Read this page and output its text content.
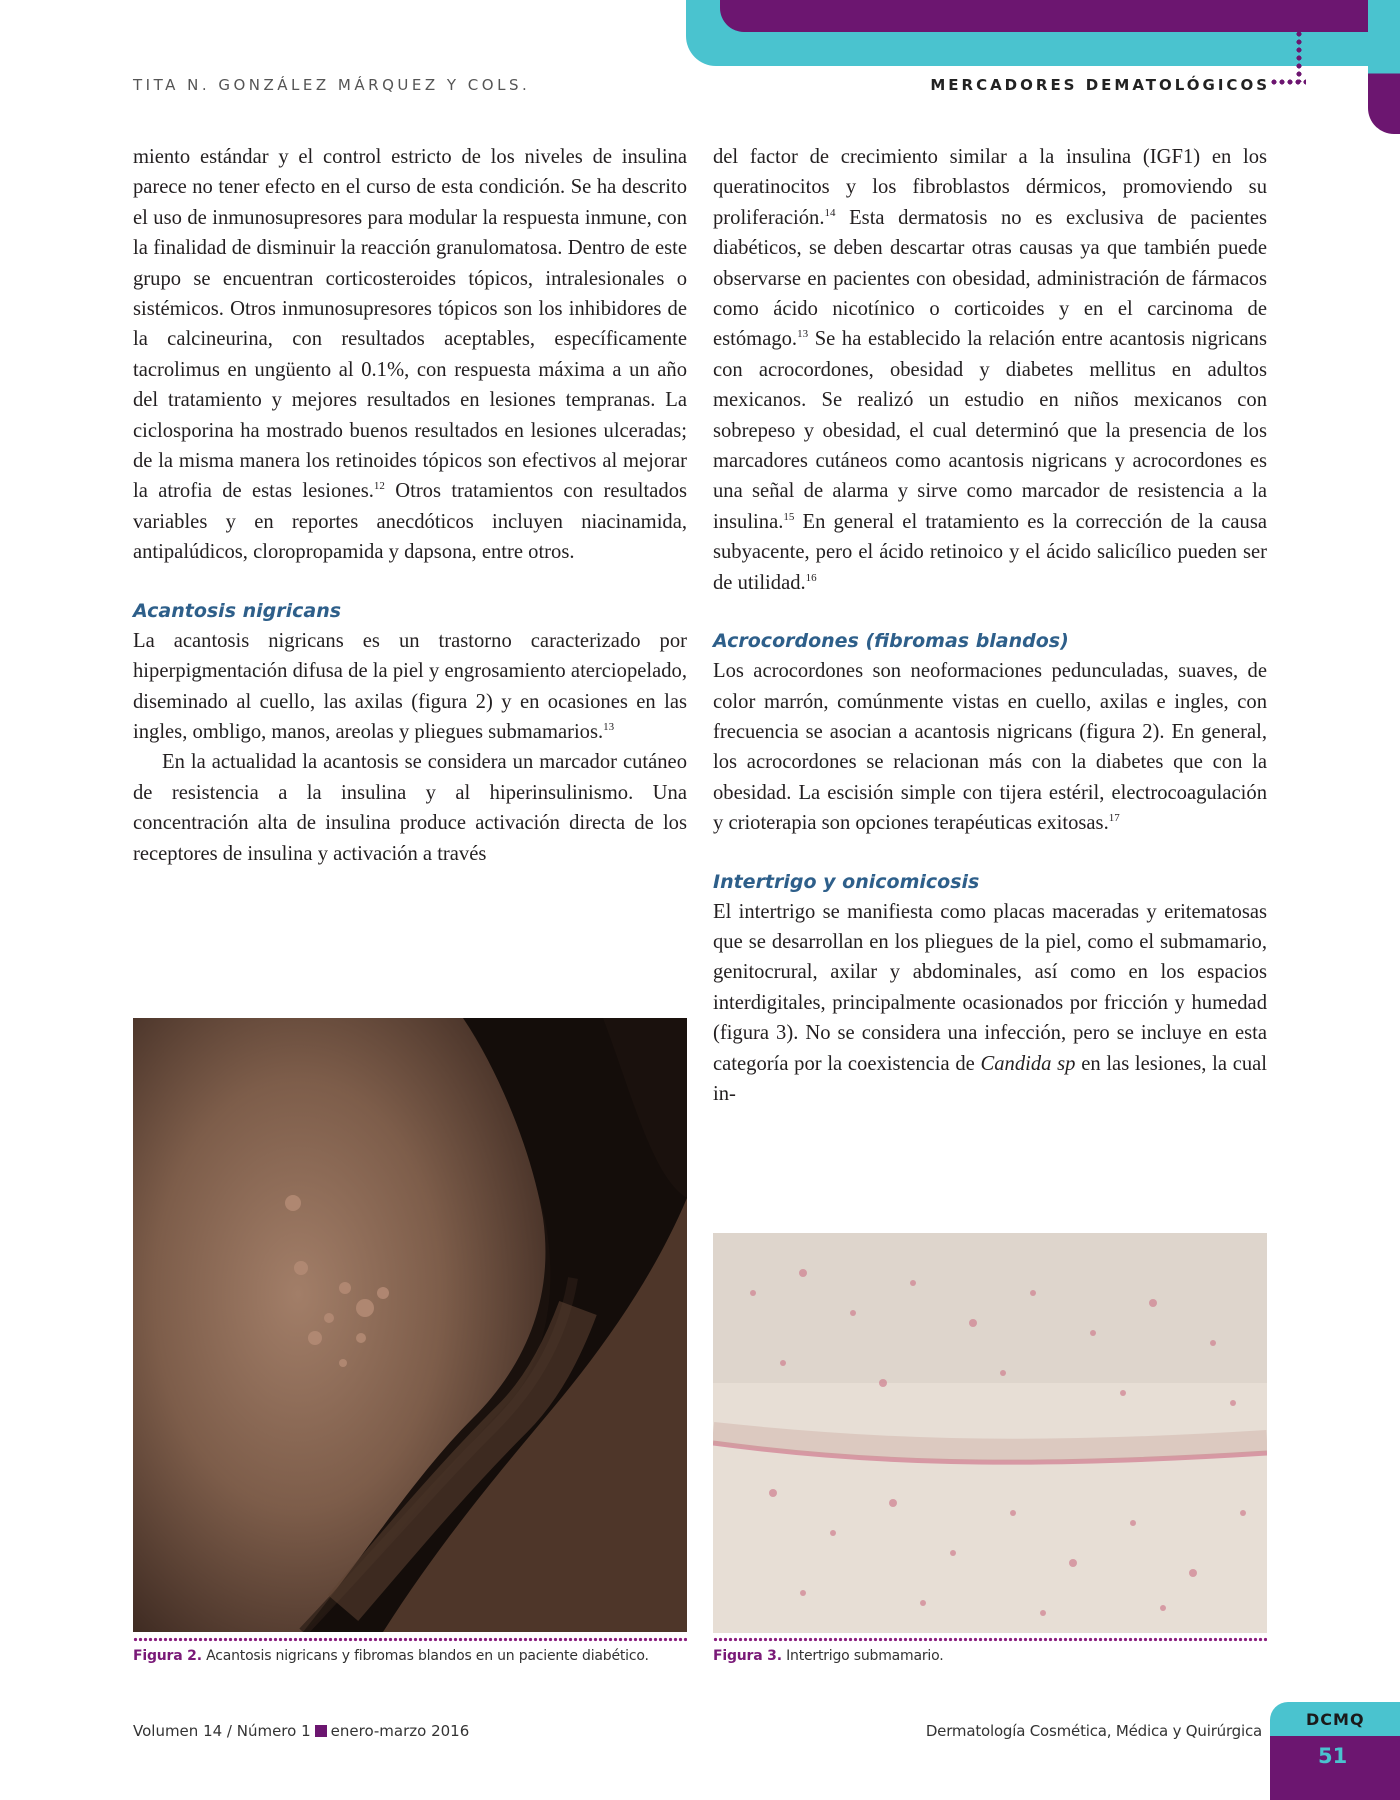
TITA N. GONZÁLEZ MÁRQUEZ Y COLS.	MERCADORES DEMATOLÓGICOS

miento estándar y el control estricto de los niveles de insulina parece no tener efecto en el curso de esta condición. Se ha descrito el uso de inmunosupresores para modular la respuesta inmune, con la finalidad de disminuir la reacción granulomatosa. Dentro de este grupo se encuentran corticosteroides tópicos, intralesionales o sistémicos. Otros inmunosupresores tópicos son los inhibidores de la calcineurina, con resultados aceptables, específicamente tacrolimus en ungüento al 0.1%, con respuesta máxima a un año del tratamiento y mejores resultados en lesiones tempranas. La ciclosporina ha mostrado buenos resultados en lesiones ulceradas; de la misma manera los retinoides tópicos son efectivos al mejorar la atrofia de estas lesiones.$^{12}$ Otros tratamientos con resultados variables y en reportes anecdóticos incluyen niacinamida, antipalúdicos, cloropropamida y dapsona, entre otros.

Acantosis nigricans

La acantosis nigricans es un trastorno caracterizado por hiperpigmentación difusa de la piel y engrosamiento aterciopelado, diseminado al cuello, las axilas (figura 2) y en ocasiones en las ingles, ombligo, manos, areolas y pliegues submamarios.$^{13}$

En la actualidad la acantosis se considera un marcador cutáneo de resistencia a la insulina y al hiperinsulinismo. Una concentración alta de insulina produce activación directa de los receptores de insulina y activación a través

del factor de crecimiento similar a la insulina (IGF1) en los queratinocitos y los fibroblastos dérmicos, promoviendo su proliferación.$^{14}$ Esta dermatosis no es exclusiva de pacientes diabéticos, se deben descartar otras causas ya que también puede observarse en pacientes con obesidad, administración de fármacos como ácido nicotínico o corticoides y en el carcinoma de estómago.$^{13}$ Se ha establecido la relación entre acantosis nigricans con acrocordones, obesidad y diabetes mellitus en adultos mexicanos. Se realizó un estudio en niños mexicanos con sobrepeso y obesidad, el cual determinó que la presencia de los marcadores cutáneos como acantosis nigricans y acrocordones es una señal de alarma y sirve como marcador de resistencia a la insulina.$^{15}$ En general el tratamiento es la corrección de la causa subyacente, pero el ácido retinoico y el ácido salicílico pueden ser de utilidad.$^{16}$

Acrocordones (fibromas blandos)

Los acrocordones son neoformaciones pedunculadas, suaves, de color marrón, comúnmente vistas en cuello, axilas e ingles, con frecuencia se asocian a acantosis nigricans (figura 2). En general, los acrocordones se relacionan más con la diabetes que con la obesidad. La escisión simple con tijera estéril, electrocoagulación y crioterapia son opciones terapéuticas exitosas.$^{17}$

Intertrigo y onicomicosis

El intertrigo se manifiesta como placas maceradas y eritematosas que se desarrollan en los pliegues de la piel, como el submamario, genitocrural, axilar y abdominales, así como en los espacios interdigitales, principalmente ocasionados por fricción y humedad (figura 3). No se considera una infección, pero se incluye en esta categoría por la coexistencia de Candida sp en las lesiones, la cual in-

Figura 2. Acantosis nigricans y fibromas blandos en un paciente diabético.	Figura 3. Intertrigo submamario.
Volumen 14 / Número 1 enero-marzo 2016	Dermatología Cosmética, Médica y Quirúrgica
DCMQ
51
